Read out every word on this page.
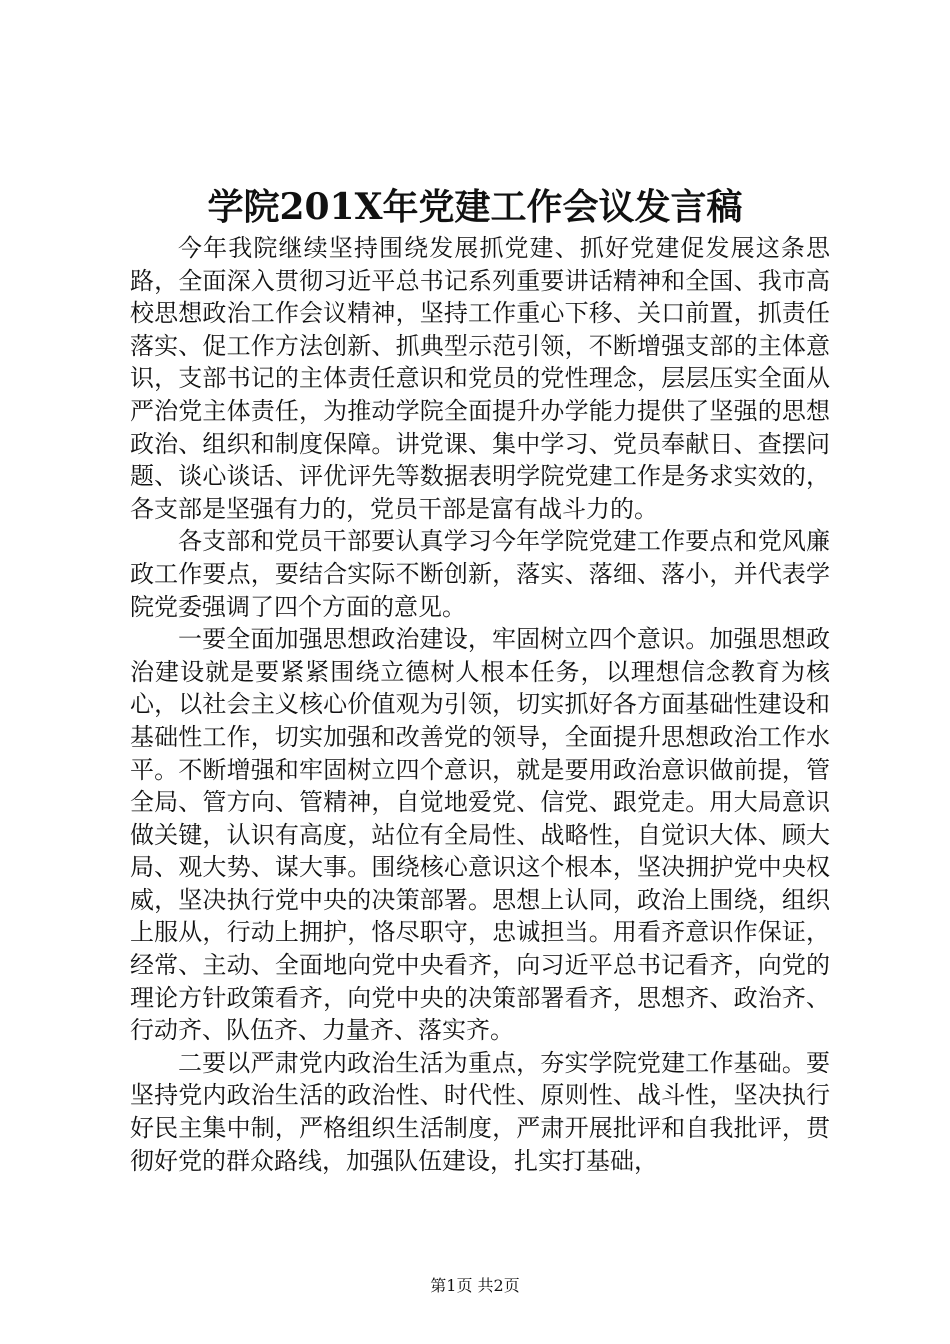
学院201X年党建工作会议发言稿

今年我院继续坚持围绕发展抓党建、抓好党建促发展这条思路，全面深入贯彻习近平总书记系列重要讲话精神和全国、我市高校思想政治工作会议精神，坚持工作重心下移、关口前置，抓责任落实、促工作方法创新、抓典型示范引领，不断增强支部的主体意识，支部书记的主体责任意识和党员的党性理念，层层压实全面从严治党主体责任，为推动学院全面提升办学能力提供了坚强的思想政治、组织和制度保障。讲党课、集中学习、党员奉献日、查摆问题、谈心谈话、评优评先等数据表明学院党建工作是务求实效的，各支部是坚强有力的，党员干部是富有战斗力的。

各支部和党员干部要认真学习今年学院党建工作要点和党风廉政工作要点，要结合实际不断创新，落实、落细、落小，并代表学院党委强调了四个方面的意见。

一要全面加强思想政治建设，牢固树立四个意识。加强思想政治建设就是要紧紧围绕立德树人根本任务，以理想信念教育为核心，以社会主义核心价值观为引领，切实抓好各方面基础性建设和基础性工作，切实加强和改善党的领导，全面提升思想政治工作水平。不断增强和牢固树立四个意识，就是要用政治意识做前提，管全局、管方向、管精神，自觉地爱党、信党、跟党走。用大局意识做关键，认识有高度，站位有全局性、战略性，自觉识大体、顾大局、观大势、谋大事。围绕核心意识这个根本，坚决拥护党中央权威，坚决执行党中央的决策部署。思想上认同，政治上围绕，组织上服从，行动上拥护，恪尽职守，忠诚担当。用看齐意识作保证，经常、主动、全面地向党中央看齐，向习近平总书记看齐，向党的理论方针政策看齐，向党中央的决策部署看齐，思想齐、政治齐、行动齐、队伍齐、力量齐、落实齐。

二要以严肃党内政治生活为重点，夯实学院党建工作基础。要坚持党内政治生活的政治性、时代性、原则性、战斗性，坚决执行好民主集中制，严格组织生活制度，严肃开展批评和自我批评，贯彻好党的群众路线，加强队伍建设，扎实打基础，

第1页 共2页
